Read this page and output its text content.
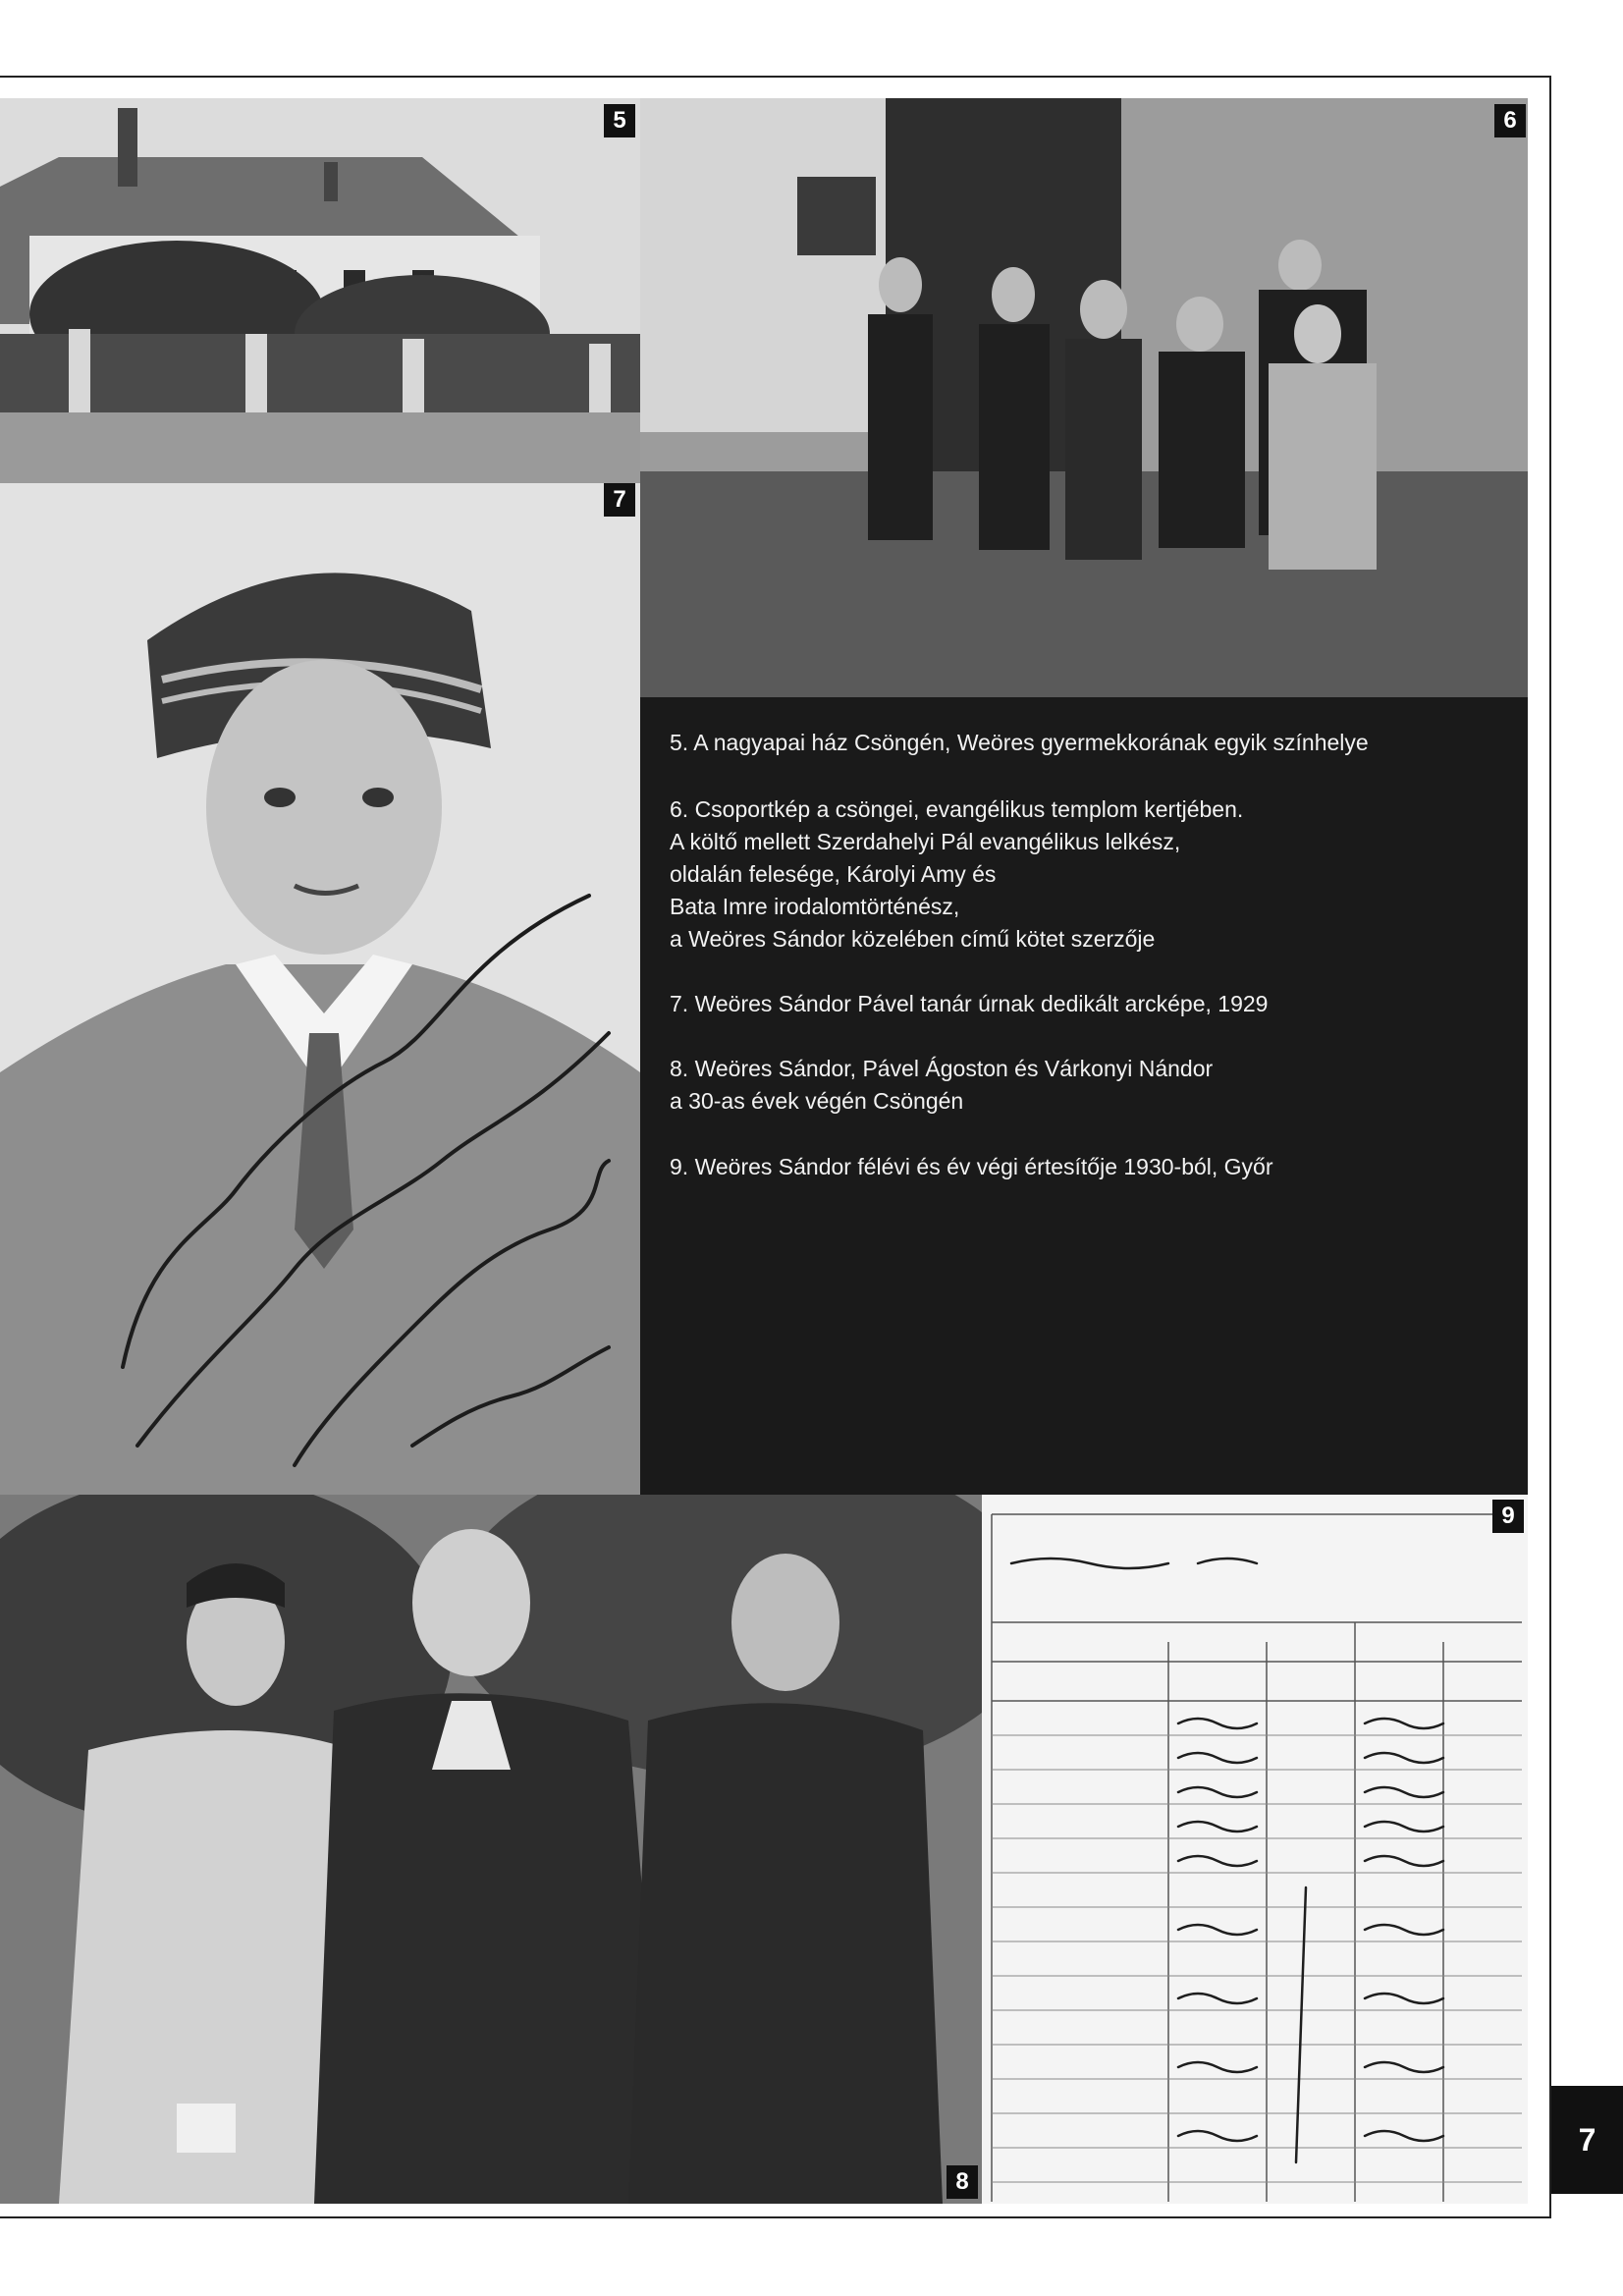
5	6
7

5. A nagyapai ház Csöngén, Weöres gyermekkorának egyik színhelye

6. Csoportkép a csöngei, evangélikus templom kertjében.
A költő mellett Szerdahelyi Pál evangélikus lelkész,
oldalán felesége, Károlyi Amy és
Bata Imre irodalomtörténész,
a Weöres Sándor közelében című kötet szerzője

7. Weöres Sándor Pável tanár úrnak dedikált arcképe, 1929

8. Weöres Sándor, Pável Ágoston és Várkonyi Nándor
a 30-as évek végén Csöngén

9. Weöres Sándor félévi és év végi értesítője 1930-ból, Győr

8
9
7
